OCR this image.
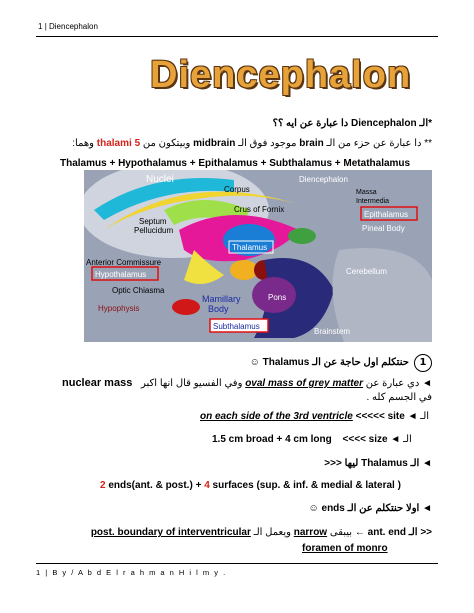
1 | Diencephalon
Diencephalon
*الـ Diencephalon دا عبارة عن ايه ؟؟
** دا عبارة عن حزء من الـ brain موجود فوق الـ midbrain وبيتكون من 5 thalami وهما:
Thalamus + Hypothalamus + Epithalamus + Subthalamus + Metathalamus
Nuclei	Diencephalon
Corpus	Massa
Intermedia
Crus of Fornix
Epithalamus
Septum
Pellucidum
Thalamus
Pineal Body
Anterior Commissure
Hypothalamus	Cerebellum
Optic Chiasma
Mamillary
Body
Pons
Hypophysis
Subthalamus
Brainstem
حنتكلم اول حاجة عن الـ Thalamus ☺ 1
◄ دي عبارة عن oval mass of grey matter وفي الفسيو قال انها اكبر
nuclear mass
في الجسم كله .
on each side of the 3rd ventricle <<<<< site ◄ الـ
1.5 cm broad + 4 cm long <<<< size ◄ الـ
◄ الـ Thalamus ليها <<<
2 ends(ant. & post.) + 4 surfaces (sup. & inf. & medial & lateral )
◄ اولا حنتكلم عن الـ ends ☺
<< الـ ant. end ← بيبقى narrow ويعمل الـ post. boundary of interventricular
foramen of monro
1 | B y / A b d E l r a h m a n H i l m y .
